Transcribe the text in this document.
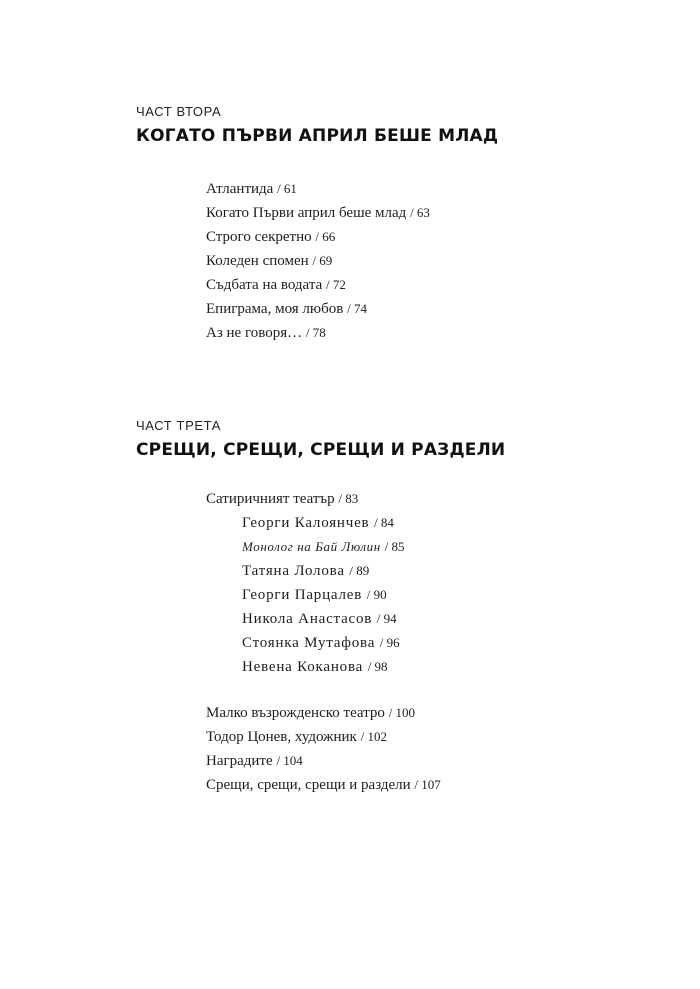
ЧАСТ ВТОРА
КОГАТО ПЪРВИ АПРИЛ БЕШЕ МЛАД
Атлантида / 61
Когато Първи април беше млад / 63
Строго секретно / 66
Коледен спомен / 69
Съдбата на водата / 72
Епиграма, моя любов / 74
Аз не говоря… / 78
ЧАСТ ТРЕТА
СРЕЩИ, СРЕЩИ, СРЕЩИ И РАЗДЕЛИ
Сатиричният театър / 83
Георги Калоянчев / 84
Монолог на Бай Люлин / 85
Татяна Лолова / 89
Георги Парцалев / 90
Никола Анастасов / 94
Стоянка Мутафова / 96
Невена Коканова / 98
Малко възрожденско театро / 100
Тодор Цонев, художник / 102
Наградите / 104
Срещи, срещи, срещи и раздели / 107
